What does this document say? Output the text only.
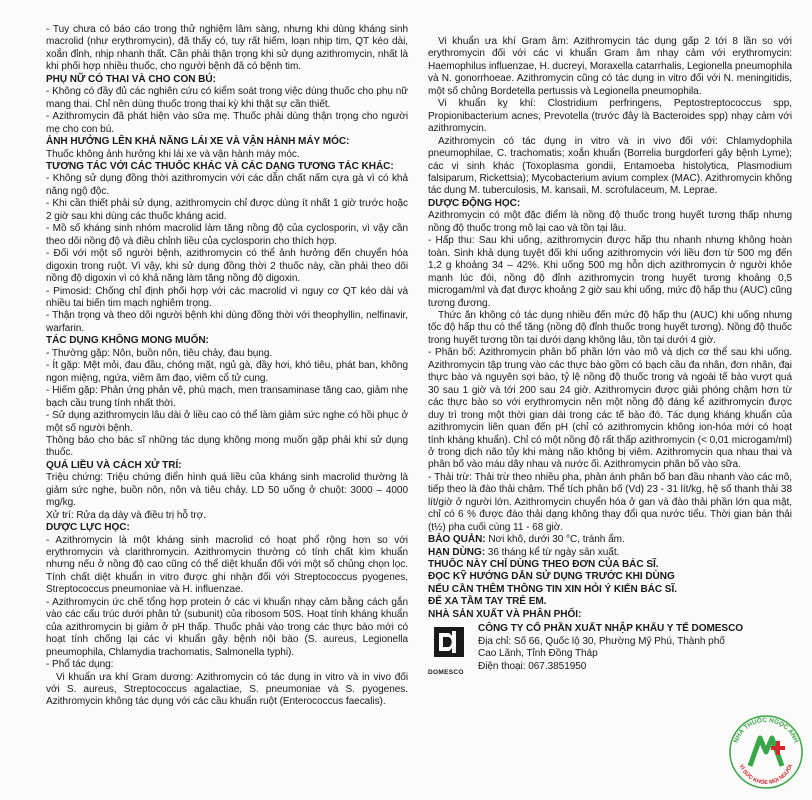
- Tuy chưa có báo cáo trong thử nghiệm lâm sàng, nhưng khi dùng kháng sinh macrolid (như erythromycin), đã thấy có, tuy rất hiếm, loạn nhịp tim, QT kéo dài, xoắn đỉnh, nhịp nhanh thất. Cần phải thận trọng khi sử dụng azithromycin, nhất là khi phối hợp nhiều thuốc, cho người bệnh đã có bệnh tim.

PHỤ NỮ CÓ THAI VÀ CHO CON BÚ:

- Không có đầy đủ các nghiên cứu có kiểm soát trong việc dùng thuốc cho phụ nữ mang thai. Chỉ nên dùng thuốc trong thai kỳ khi thật sự cần thiết.

- Azithromycin đã phát hiện vào sữa mẹ. Thuốc phải dùng thận trọng cho người mẹ cho con bú.

ẢNH HƯỞNG LÊN KHẢ NĂNG LÁI XE VÀ VẬN HÀNH MÁY MÓC:

Thuốc không ảnh hưởng khi lái xe và vận hành máy móc.

TƯƠNG TÁC VỚI CÁC THUỐC KHÁC VÀ CÁC DẠNG TƯƠNG TÁC KHÁC:

- Không sử dụng đồng thời azithromycin với các dẫn chất nấm cựa gà vì có khả năng ngộ độc.

- Khi cần thiết phải sử dụng, azithromycin chỉ được dùng ít nhất 1 giờ trước hoặc 2 giờ sau khi dùng các thuốc kháng acid.

- Mồ số kháng sinh nhóm macrolid làm tăng nồng độ của cyclosporin, vì vậy cần theo dõi nồng độ và điều chỉnh liều của cyclosporin cho thích hợp.

- Đối với một số người bệnh, azithromycin có thể ảnh hưởng đến chuyển hóa digoxin trong ruột. Vì vậy, khi sử dụng đồng thời 2 thuốc này, cần phải theo dõi nồng độ digoxin vì có khả năng làm tăng nồng độ digoxin.

- Pimosid: Chống chỉ định phối hợp với các macrolid vì nguy cơ QT kéo dài và nhiều tai biến tim mạch nghiêm trọng.

- Thận trọng và theo dõi người bệnh khi dùng đồng thời với theophyllin, nelfinavir, warfarin.

TÁC DỤNG KHÔNG MONG MUỐN:

- Thường gặp: Nôn, buồn nôn, tiêu chảy, đau bụng.

- Ít gặp: Mệt mỏi, đau đầu, chóng mặt, ngủ gà, đầy hơi, khó tiêu, phát ban, không ngon miệng, ngứa, viêm âm đạo, viêm cổ tử cung.

- Hiếm gặp: Phản ứng phản vệ, phù mạch, men transaminase tăng cao, giảm nhẹ bạch cầu trung tính nhất thời.

- Sử dụng azithromycin lâu dài ở liều cao có thể làm giảm sức nghe có hồi phục ở một số người bệnh.

Thông báo cho bác sĩ những tác dụng không mong muốn gặp phải khi sử dụng thuốc.

QUÁ LIỀU VÀ CÁCH XỬ TRÍ:

Triệu chứng: Triệu chứng điển hình quá liều của kháng sinh macrolid thường là giảm sức nghe, buồn nôn, nôn và tiêu chảy. LD 50 uống ở chuột: 3000 – 4000 mg/kg.

Xử trí: Rửa dạ dày và điều trị hỗ trợ.

DƯỢC LỰC HỌC:

- Azithromycin là một kháng sinh macrolid có hoạt phổ rộng hơn so với erythromycin và clarithromycin. Azithromycin thường có tính chất kìm khuẩn nhưng nếu ở nồng độ cao cũng có thể diệt khuẩn đối với một số chủng chọn lọc. Tính chất diệt khuẩn in vitro được ghi nhận đối với Streptococcus pyogenes, Streptococcus pneumoniae và H. influenzae.

- Azithromycin ức chế tổng hợp protein ở các vi khuẩn nhạy cảm bằng cách gắn vào các cấu trúc dưới phân tử (subunit) của ribosom 50S. Hoạt tính kháng khuẩn của azithromycin bị giảm ở pH thấp. Thuốc phải vào trong các thực bào mới có hoạt tính chống lại các vi khuẩn gây bệnh nội bào (S. aureus, Legionella pneumophila, Chlamydia trachomatis, Salmonella typhi).

- Phổ tác dụng:

Vi khuẩn ưa khí Gram dương: Azithromycin có tác dụng in vitro và in vivo đối với S. aureus, Streptococcus agalactiae, S. pneumoniae và S. pyogenes. Azithromycin không tác dụng với các cầu khuẩn ruột (Enterococcus faecalis).

Vi khuẩn ưa khí Gram âm: Azithromycin tác dụng gấp 2 tới 8 lần so với erythromycin đối với các vi khuẩn Gram âm nhạy cảm với erythromycin: Haemophilus influenzae, H. ducreyi, Moraxella catarrhalis, Legionella pneumophila và N. gonorrhoeae. Azithromycin cũng có tác dụng in vitro đối với N. meningitidis, một số chủng Bordetella pertussis và Legionella pneumophila.

Vi khuẩn kỵ khí: Clostridium perfringens, Peptostreptococcus spp, Propionibacterium acnes, Prevotella (trước đây là Bacteroides spp) nhạy cảm với azithromycin.

Azithromycin có tác dụng in vitro và in vivo đối với: Chlamydophila pneumophilae, C. trachomatis; xoắn khuẩn (Borrelia burgdorferi gây bệnh Lyme); các vi sinh khác (Toxoplasma gondii, Entamoeba histolytica, Plasmodium falsiparum, Rickettsia); Mycobacterium avium complex (MAC). Azithromycin không tác dụng M. tuberculosis, M. kansaii, M. scrofulaceum, M. Leprae.

DƯỢC ĐỘNG HỌC:

Azithromycin có một đặc điểm là nồng độ thuốc trong huyết tương thấp nhưng nồng độ thuốc trong mô lại cao và tồn tại lâu.

- Hấp thu: Sau khi uống, azithromycin được hấp thu nhanh nhưng không hoàn toàn. Sinh khả dụng tuyệt đối khi uống azithromycin với liều đơn từ 500 mg đến 1,2 g khoảng 34 – 42%. Khi uống 500 mg hỗn dịch azithromycin ở người khỏe mạnh lúc đói, nồng độ đỉnh azithromycin trong huyết tương khoảng 0,5 microgam/ml và đạt được khoảng 2 giờ sau khi uống, mức độ hấp thu (AUC) cũng tương đương.

Thức ăn không có tác dụng nhiều đến mức độ hấp thu (AUC) khi uống nhưng tốc độ hấp thu có thể tăng (nồng độ đỉnh thuốc trong huyết tương). Nồng độ thuốc trong huyết tương tồn tại dưới dạng không lâu, tồn tại dưới 4 giờ.

- Phân bố: Azithromycin phân bố phần lớn vào mô và dịch cơ thể sau khi uống. Azithromycin tập trung vào các thực bào gồm có bạch cầu đa nhân, đơn nhân, đại thực bào và nguyên sợi bào, tỷ lệ nồng độ thuốc trong và ngoài tế bào vượt quá 30 sau 1 giờ và tới 200 sau 24 giờ. Azithromycin được giải phóng chậm hơn từ các thực bào so với erythromycin nên một nồng độ đáng kể azithromycin được duy trì trong một thời gian dài trong các tế bào đó. Tác dụng kháng khuẩn của azithromycin liên quan đến pH (chỉ có azithromycin không ion-hóa mới có hoạt tính kháng khuẩn). Chỉ có một nồng độ rất thấp azithromycin (< 0,01 microgam/ml) ở trong dịch não tủy khi màng não không bị viêm. Azithromycin qua nhau thai và phân bố vào máu dây nhau và nước ối. Azithromycin phân bố vào sữa.

- Thải trừ: Thải trừ theo nhiều pha, phản ánh phân bố ban đầu nhanh vào các mô, tiếp theo là đào thải chậm. Thể tích phân bố (Vd) 23 - 31 lít/kg, hệ số thanh thải 38 lít/giờ ở người lớn. Azithromycin chuyển hóa ở gan và đào thải phần lớn qua mật, chỉ có 6 % được đào thải dạng không thay đổi qua nước tiểu. Thời gian bán thải (t½) pha cuối cùng 11 - 68 giờ.

BẢO QUẢN: Nơi khô, dưới 30 °C, tránh ẩm.

HẠN DÙNG: 36 tháng kể từ ngày sản xuất.

THUỐC NÀY CHỈ DÙNG THEO ĐƠN CỦA BÁC SĨ.

ĐỌC KỸ HƯỚNG DẪN SỬ DỤNG TRƯỚC KHI DÙNG

NẾU CẦN THÊM THÔNG TIN XIN HỎI Ý KIẾN BÁC SĨ.

ĐỂ XA TẦM TAY TRẺ EM.

NHÀ SẢN XUẤT VÀ PHÂN PHỐI:

DOMESCO

CÔNG TY CỔ PHẦN XUẤT NHẬP KHẨU Y TẾ DOMESCO

Địa chỉ: Số 66, Quốc lộ 30, Phường Mỹ Phú, Thành phố

Cao Lãnh, Tỉnh Đồng Tháp

Điện thoại: 067.3851950

NHÀ THUỐC NGỌC ANH
VÌ SỨC KHỎE MỌI NGƯỜI
